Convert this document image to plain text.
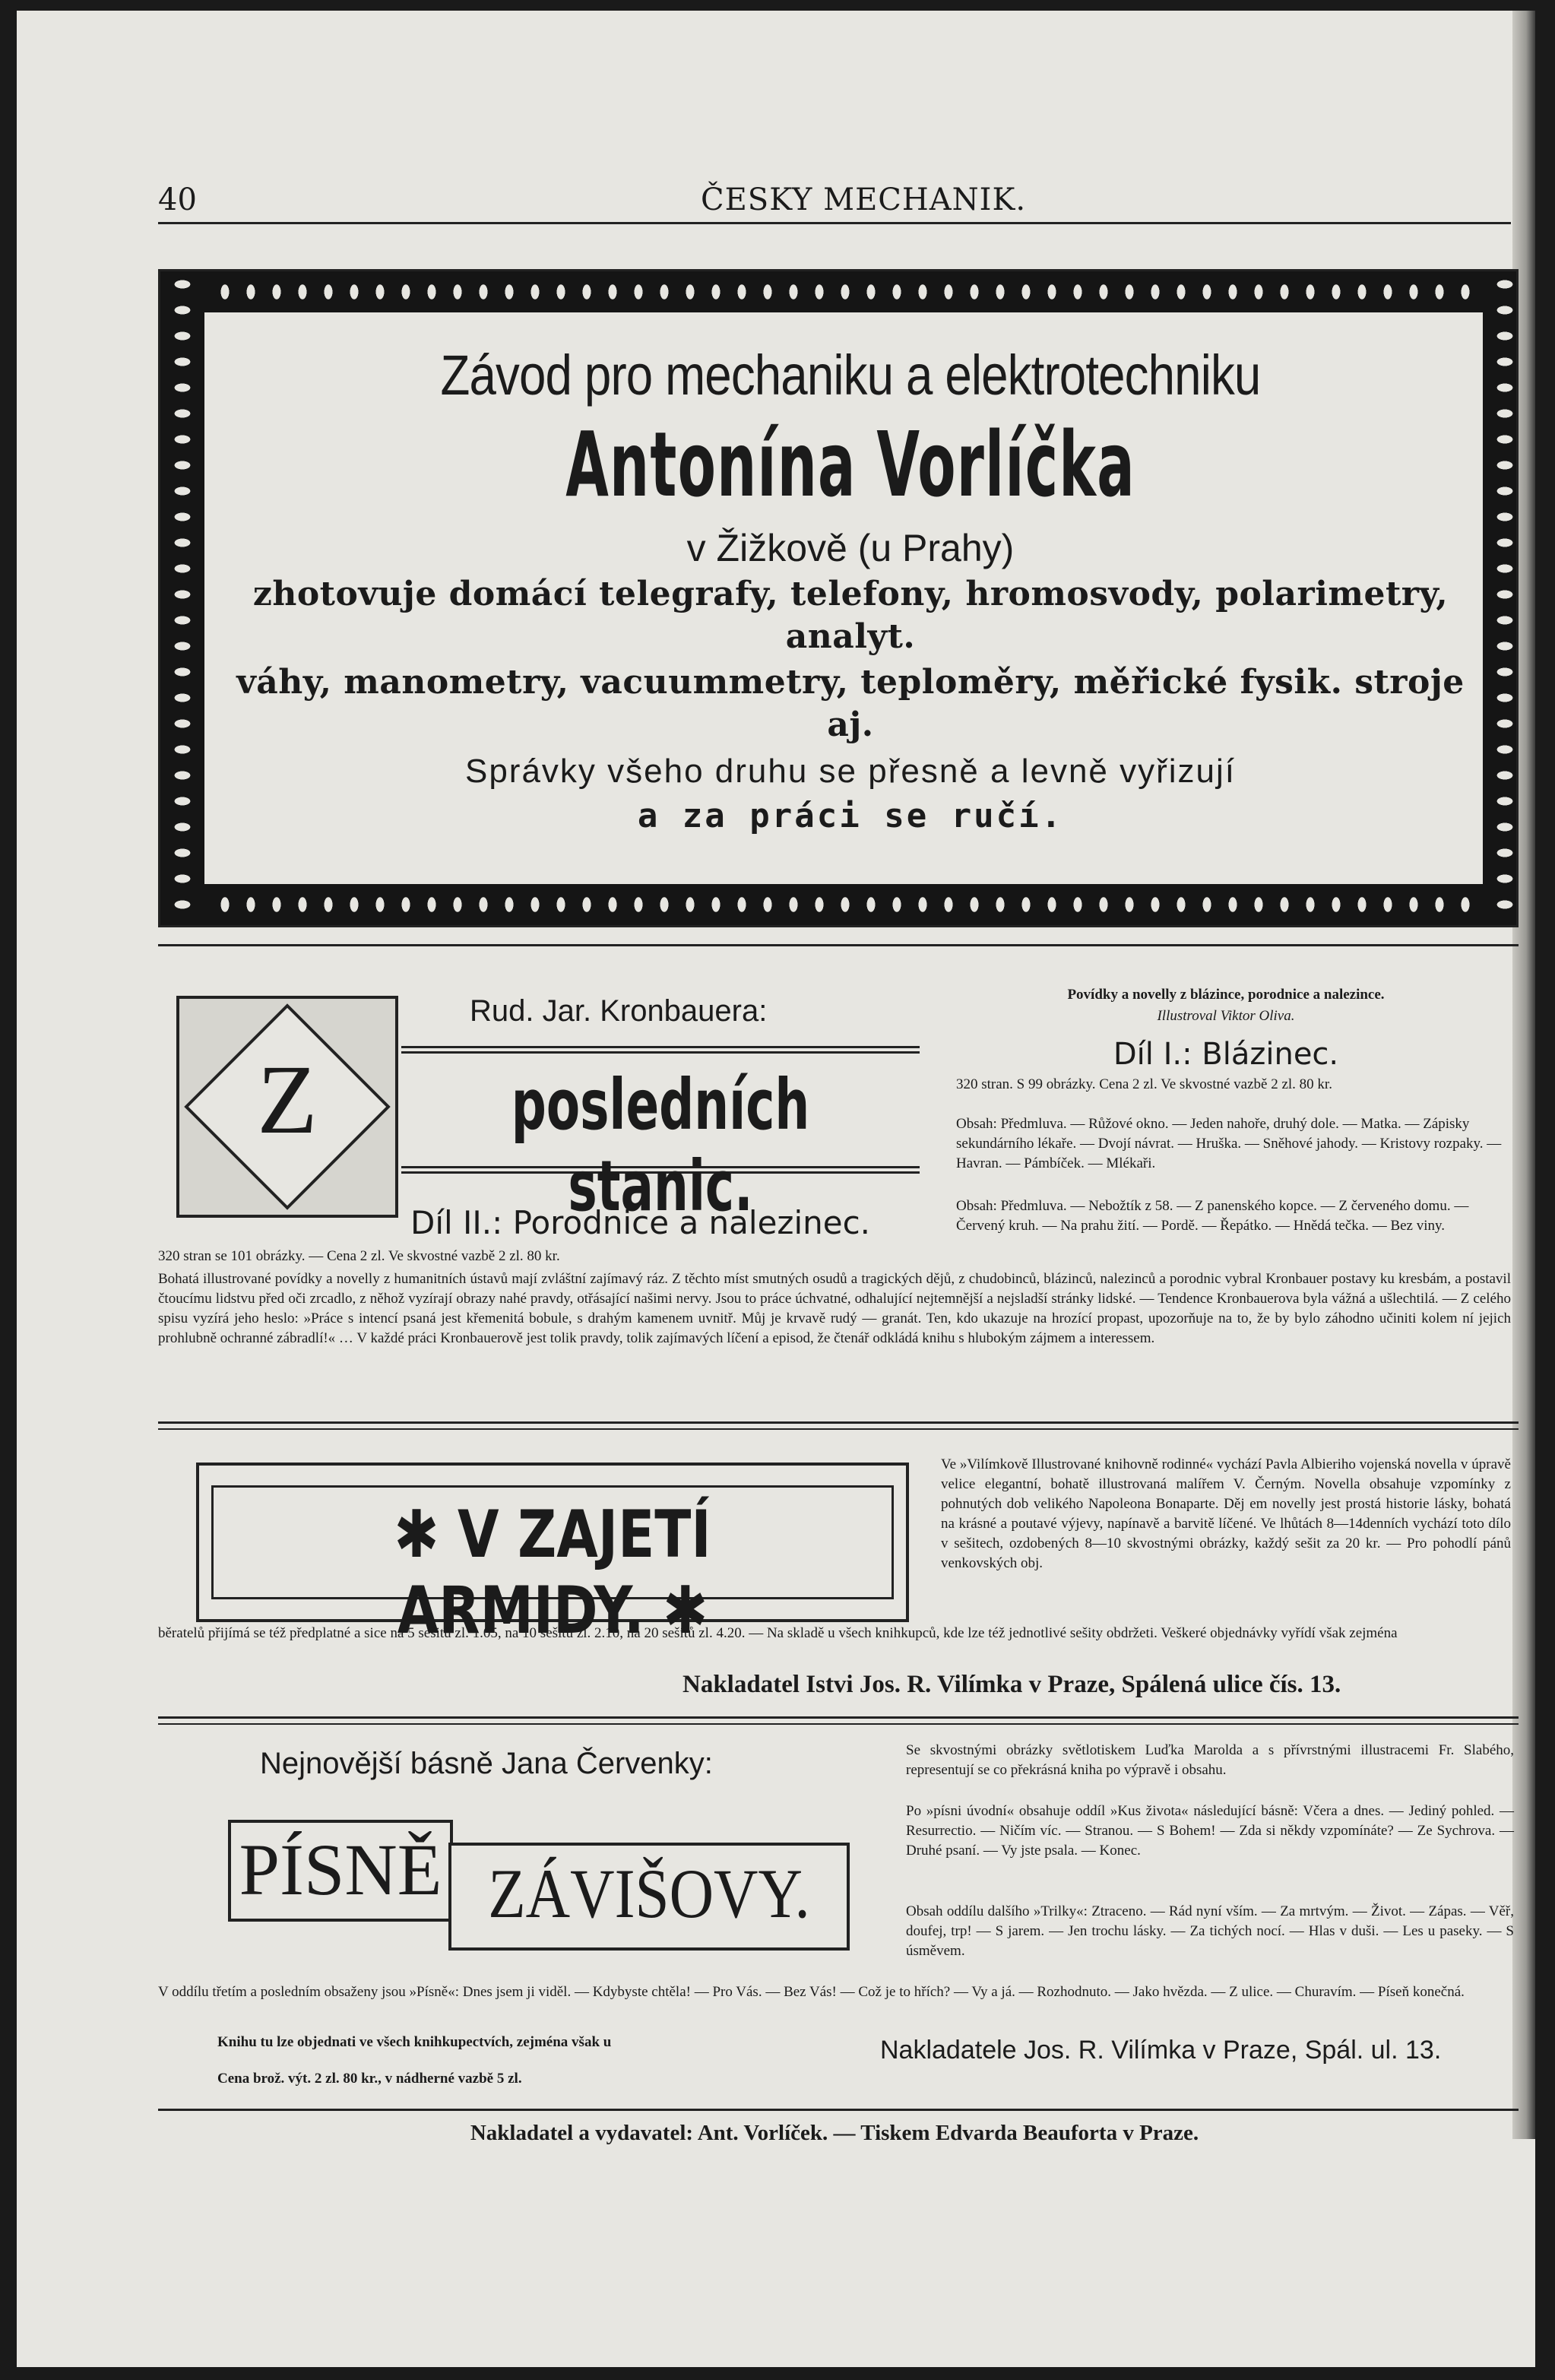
40	ČESKY MECHANIK.
Závod pro mechaniku a elektrotechniku
Antonína Vorlíčka
v Žižkově (u Prahy)
zhotovuje domácí telegrafy, telefony, hromosvody, polarimetry, analyt.
váhy, manometry, vacuummetry, teploměry, měřické fysik. stroje aj.
Správky všeho druhu se přesně a levně vyřizují
a za práci se ručí.
Rud. Jar. Kronbauera:
Z	posledních stanic.
Díl II.: Porodnice a nalezinec.
320 stran se 101 obrázky. — Cena 2 zl. Ve skvostné vazbě 2 zl. 80 kr.
Povídky a novelly z blázince, porodnice a nalezince.
Illustroval Viktor Oliva.
Díl I.: Blázinec.
320 stran. S 99 obrázky. Cena 2 zl. Ve skvostné vazbě 2 zl. 80 kr.
Obsah: Předmluva. — Růžové okno. — Jeden nahoře, druhý dole. — Matka. — Zápisky sekundárního lékaře. — Dvojí návrat. — Hruška. — Sněhové jahody. — Kristovy rozpaky. — Havran. — Pámbíček. — Mlékaři.
Obsah: Předmluva. — Nebožtík z 58. — Z panenského kopce. — Z červeného domu. — Červený kruh. — Na prahu žití. — Pordě. — Řepátko. — Hnědá tečka. — Bez viny.
Bohatá illustrované povídky a novelly z humanitních ústavů mají zvláštní zajímavý ráz. Z těchto míst smutných osudů a tragických dějů, z chudobinců, blázinců, nalezinců a porodnic vybral Kronbauer postavy ku kresbám, a postavil čtoucímu lidstvu před oči zrcadlo, z něhož vyzírají obrazy nahé pravdy, otřásající našimi nervy. Jsou to práce úchvatné, odhalující nejtemnější a nejsladší stránky lidské. — Tendence Kronbauerova byla vážná a ušlechtilá. — Z celého spisu vyzírá jeho heslo: »Práce s intencí psaná jest křemenitá bobule, s drahým kamenem uvnitř. Můj je krvavě rudý — granát. Ten, kdo ukazuje na hrozící propast, upozorňuje na to, že by bylo záhodno učiniti kolem ní jejich prohlubně ochranné zábradlí!« … V každé práci Kronbauerově jest tolik pravdy, tolik zajímavých líčení a episod, že čtenář odkládá knihu s hlubokým zájmem a interessem.
✱ V ZAJETÍ ARMIDY. ✱
Ve »Vilímkově Illustrované knihovně rodinné« vychází Pavla Albieriho vojenská novella v úpravě velice elegantní, bohatě illustrovaná malířem V. Černým. Novella obsahuje vzpomínky z pohnutých dob velikého Napoleona Bonaparte. Děj em novelly jest prostá historie lásky, bohatá na krásné a poutavé výjevy, napínavě a barvitě líčené. Ve lhůtách 8—14denních vychází toto dílo v sešitech, ozdobených 8—10 skvostnými obrázky, každý sešit za 20 kr. — Pro pohodlí pánů venkovských obj.
běratelů přijímá se též předplatné a sice na 5 sešitů zl. 1.05, na 10 sešitů zl. 2.10, na 20 sešitů zl. 4.20. — Na skladě u všech knihkupců, kde lze též jednotlivé sešity obdržeti. Veškeré objednávky vyřídí však zejména
Nakladatel Istvi Jos. R. Vilímka v Praze, Spálená ulice čís. 13.
Nejnovější básně Jana Červenky:
PÍSNĚ ZÁVIŠOVY.
Se skvostnými obrázky světlotiskem Luďka Marolda a s přívrstnými illustracemi Fr. Slabého, representují se co překrásná kniha po výpravě i obsahu.
Po »písni úvodní« obsahuje oddíl »Kus života« následující básně: Včera a dnes. — Jediný pohled. — Resurrectio. — Ničím víc. — Stranou. — S Bohem! — Zda si někdy vzpomínáte? — Ze Sychrova. — Druhé psaní. — Vy jste psala. — Konec.
Obsah oddílu dalšího »Trilky«: Ztraceno. — Rád nyní vším. — Za mrtvým. — Život. — Zápas. — Věř, doufej, trp! — S jarem. — Jen trochu lásky. — Za tichých nocí. — Hlas v duši. — Les u paseky. — S úsměvem.
V oddílu třetím a posledním obsaženy jsou »Písně«: Dnes jsem ji viděl. — Kdybyste chtěla! — Pro Vás. — Bez Vás! — Což je to hřích? — Vy a já. — Rozhodnuto. — Jako hvězda. — Z ulice. — Churavím. — Píseň konečná.
Knihu tu lze objednati ve všech knihkupectvích, zejména však u
Cena brož. výt. 2 zl. 80 kr., v nádherné vazbě 5 zl.
Nakladatele Jos. R. Vilímka v Praze, Spál. ul. 13.
Nakladatel a vydavatel: Ant. Vorlíček. — Tiskem Edvarda Beauforta v Praze.
